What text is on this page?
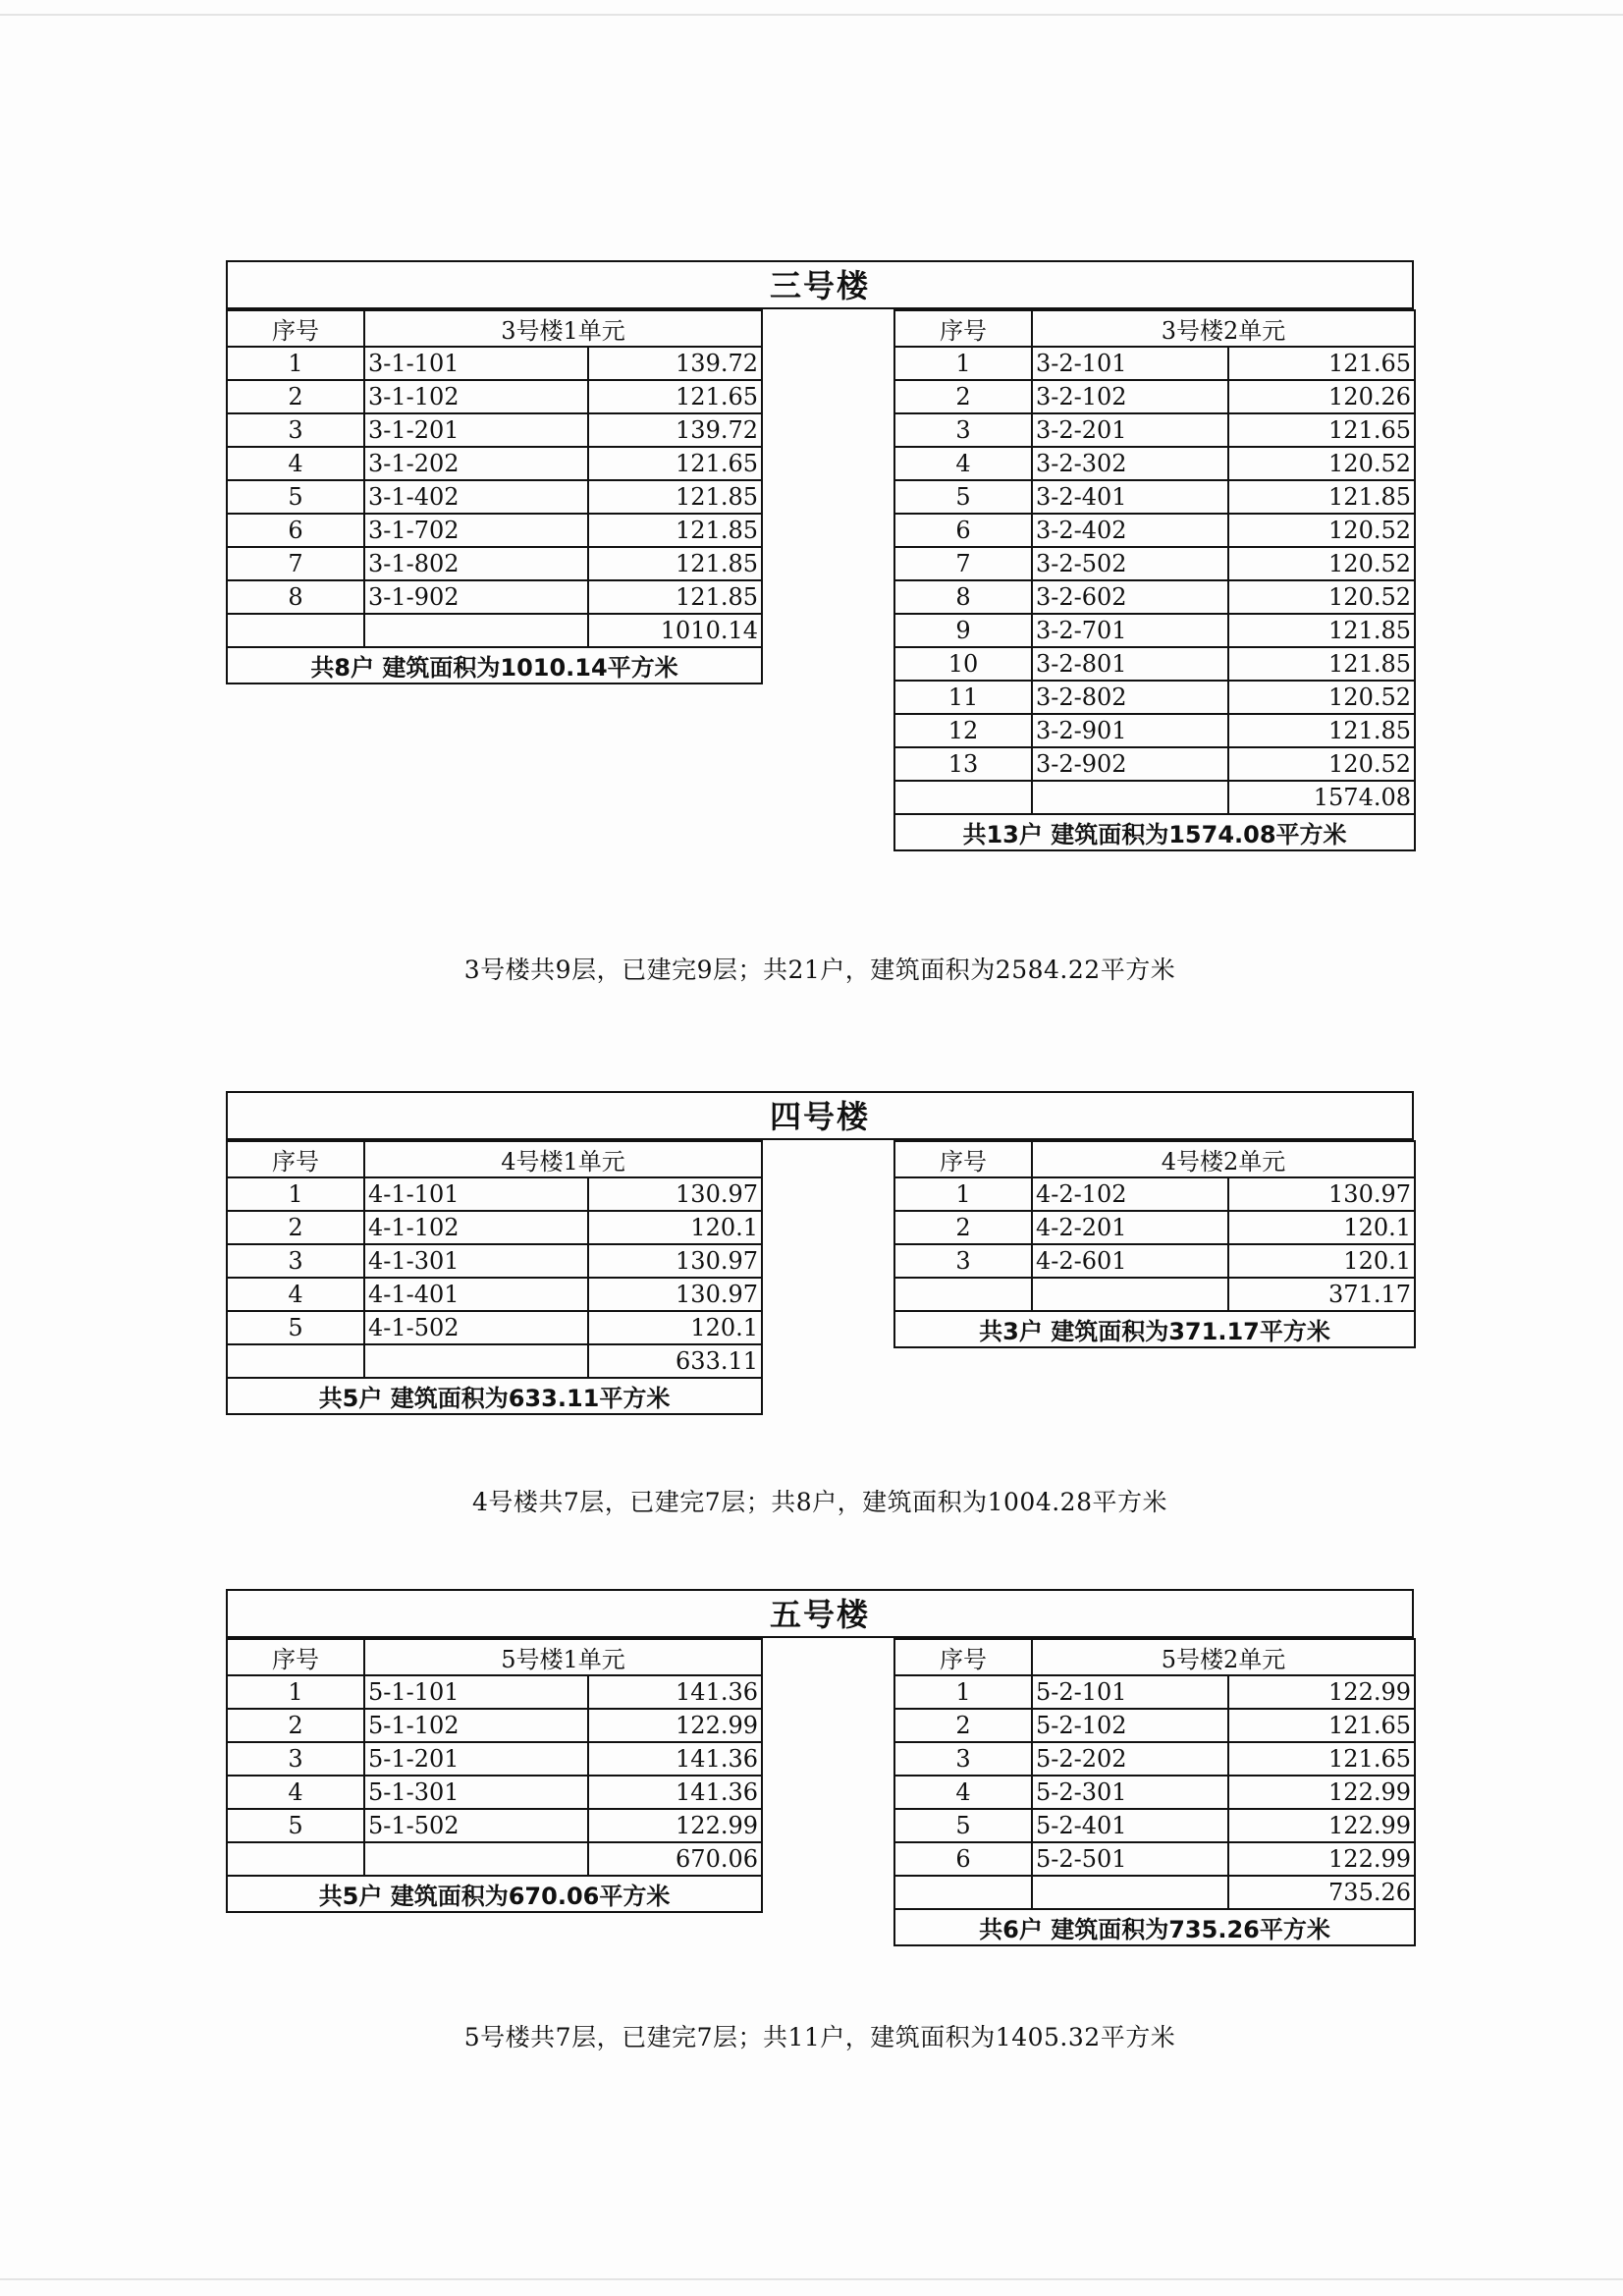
三号楼
序号	3号楼1单元	
1	3-1-101	139.72
2	3-1-102	121.65
3	3-1-201	139.72
4	3-1-202	121.65
5	3-1-402	121.85
6	3-1-702	121.85
7	3-1-802	121.85
8	3-1-902	121.85
		1010.14
共8户 建筑面积为1010.14平方米		
序号	3号楼2单元	
1	3-2-101	121.65
2	3-2-102	120.26
3	3-2-201	121.65
4	3-2-302	120.52
5	3-2-401	121.85
6	3-2-402	120.52
7	3-2-502	120.52
8	3-2-602	120.52
9	3-2-701	121.85
10	3-2-801	121.85
11	3-2-802	120.52
12	3-2-901	121.85
13	3-2-902	120.52
		1574.08
共13户 建筑面积为1574.08平方米		
3号楼共9层，已建完9层；共21户，建筑面积为2584.22平方米
四号楼
序号	4号楼1单元	
1	4-1-101	130.97
2	4-1-102	120.1
3	4-1-301	130.97
4	4-1-401	130.97
5	4-1-502	120.1
		633.11
共5户 建筑面积为633.11平方米		
序号	4号楼2单元	
1	4-2-102	130.97
2	4-2-201	120.1
3	4-2-601	120.1
		371.17
共3户 建筑面积为371.17平方米		
4号楼共7层，已建完7层；共8户，建筑面积为1004.28平方米
五号楼
序号	5号楼1单元	
1	5-1-101	141.36
2	5-1-102	122.99
3	5-1-201	141.36
4	5-1-301	141.36
5	5-1-502	122.99
		670.06
共5户 建筑面积为670.06平方米		
序号	5号楼2单元	
1	5-2-101	122.99
2	5-2-102	121.65
3	5-2-202	121.65
4	5-2-301	122.99
5	5-2-401	122.99
6	5-2-501	122.99
		735.26
共6户 建筑面积为735.26平方米		
5号楼共7层，已建完7层；共11户，建筑面积为1405.32平方米
